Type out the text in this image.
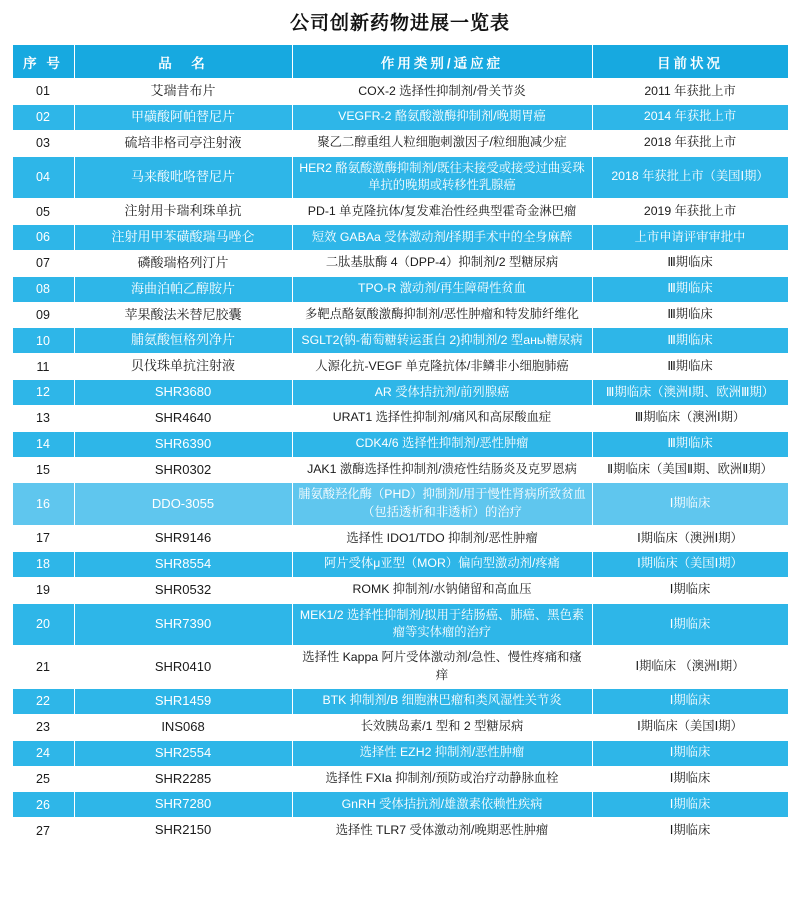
公司创新药物进展一览表
序 号	品　名	作用类别/适应症	目前状况
01	艾瑞昔布片	COX-2 选择性抑制剂/骨关节炎	2011 年获批上市
02	甲磺酸阿帕替尼片	VEGFR-2 酪氨酸激酶抑制剂/晚期胃癌	2014 年获批上市
03	硫培非格司亭注射液	聚乙二醇重组人粒细胞刺激因子/粒细胞减少症	2018 年获批上市
04	马来酸吡咯替尼片	HER2 酪氨酸激酶抑制剂/既往未接受或接受过曲妥珠单抗的晚期或转移性乳腺癌	2018 年获批上市（美国Ⅰ期）
05	注射用卡瑞利珠单抗	PD-1 单克隆抗体/复发难治性经典型霍奇金淋巴瘤	2019 年获批上市
06	注射用甲苯磺酸瑞马唑仑	短效 GABAa 受体激动剂/择期手术中的全身麻醉	上市申请评审审批中
07	磷酸瑞格列汀片	二肽基肽酶 4（DPP-4）抑制剂/2 型糖尿病	Ⅲ期临床
08	海曲泊帕乙醇胺片	TPO-R 激动剂/再生障碍性贫血	Ⅲ期临床
09	苹果酸法米替尼胶囊	多靶点酪氨酸激酶抑制剂/恶性肿瘤和特发肺纤维化	Ⅲ期临床
10	脯氨酸恒格列净片	SGLT2(钠-葡萄糖转运蛋白 2)抑制剂/2 型аны糖尿病	Ⅲ期临床
11	贝伐珠单抗注射液	人源化抗-VEGF 单克隆抗体/非鳞非小细胞肺癌	Ⅲ期临床
12	SHR3680	AR 受体拮抗剂/前列腺癌	Ⅲ期临床（澳洲Ⅰ期、欧洲Ⅲ期）
13	SHR4640	URAT1 选择性抑制剂/痛风和高尿酸血症	Ⅲ期临床（澳洲Ⅰ期）
14	SHR6390	CDK4/6 选择性抑制剂/恶性肿瘤	Ⅲ期临床
15	SHR0302	JAK1 激酶选择性抑制剂/溃疮性结肠炎及克罗恩病	Ⅱ期临床（美国Ⅱ期、欧洲Ⅱ期）
16	DDO-3055	脯氨酸羟化酶（PHD）抑制剂/用于慢性肾病所致贫血（包括透析和非透析）的治疗	Ⅰ期临床
17	SHR9146	选择性 IDO1/TDO 抑制剂/恶性肿瘤	Ⅰ期临床（澳洲Ⅰ期）
18	SHR8554	阿片受体μ亚型（MOR）偏向型激动剂/疼痛	Ⅰ期临床（美国Ⅰ期）
19	SHR0532	ROMK 抑制剂/水钠储留和高血压	Ⅰ期临床
20	SHR7390	MEK1/2 选择性抑制剂/拟用于结肠癌、肺癌、黑色素瘤等实体瘤的治疗	Ⅰ期临床
21	SHR0410	选择性 Kappa 阿片受体激动剂/急性、慢性疼痛和瘙痒	Ⅰ期临床 （澳洲Ⅰ期）
22	SHR1459	BTK 抑制剂/B 细胞淋巴瘤和类风湿性关节炎	Ⅰ期临床
23	INS068	长效胰岛素/1 型和 2 型糖尿病	Ⅰ期临床（美国Ⅰ期）
24	SHR2554	选择性 EZH2 抑制剂/恶性肿瘤	Ⅰ期临床
25	SHR2285	选择性 FXIa 抑制剂/预防或治疗动静脉血栓	Ⅰ期临床
26	SHR7280	GnRH 受体拮抗剂/雄激素依赖性疾病	Ⅰ期临床
27	SHR2150	选择性 TLR7 受体激动剂/晚期恶性肿瘤	Ⅰ期临床
